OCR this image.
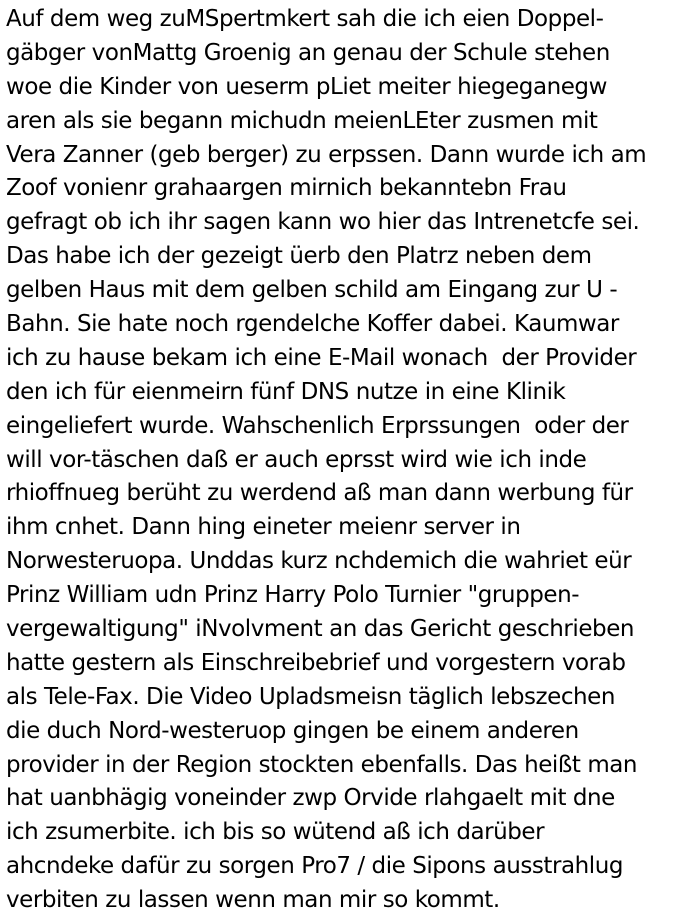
Auf dem weg zuMSpertmkert sah die ich eien Doppel-
gäbger vonMattg Groenig an genau der Schule stehen
woe die Kinder von ueserm pLiet meiter hiegeganegw
aren als sie begann michudn meienLEter zusmen mit
Vera Zanner (geb berger) zu erpssen. Dann wurde ich am
Zoof vonienr grahaargen mirnich bekanntebn Frau
gefragt ob ich ihr sagen kann wo hier das Intrenetcfe sei.
Das habe ich der gezeigt üerb den Platrz neben dem
gelben Haus mit dem gelben schild am Eingang zur U -
Bahn. Sie hate noch rgendelche Koffer dabei. Kaumwar
ich zu hause bekam ich eine E-Mail wonach  der Provider
den ich für eienmeirn fünf DNS nutze in eine Klinik
eingeliefert wurde. Wahschenlich Erprssungen  oder der
will vor-täschen daß er auch eprsst wird wie ich inde
rhioffnueg berüht zu werdend aß man dann werbung für
ihm cnhet. Dann hing eineter meienr server in
Norwesteruopa. Unddas kurz nchdemich die wahriet eür
Prinz William udn Prinz Harry Polo Turnier "gruppen-
vergewaltigung" iNvolvment an das Gericht geschrieben
hatte gestern als Einschreibebrief und vorgestern vorab
als Tele-Fax. Die Video Upladsmeisn täglich lebszechen
die duch Nord-westeruop gingen be einem anderen
provider in der Region stockten ebenfalls. Das heißt man
hat uanbhägig voneinder zwp Orvide rlahgaelt mit dne
ich zsumerbite. ich bis so wütend aß ich darüber
ahcndeke dafür zu sorgen Pro7 / die Sipons ausstrahlug
verbiten zu lassen wenn man mir so kommt.
